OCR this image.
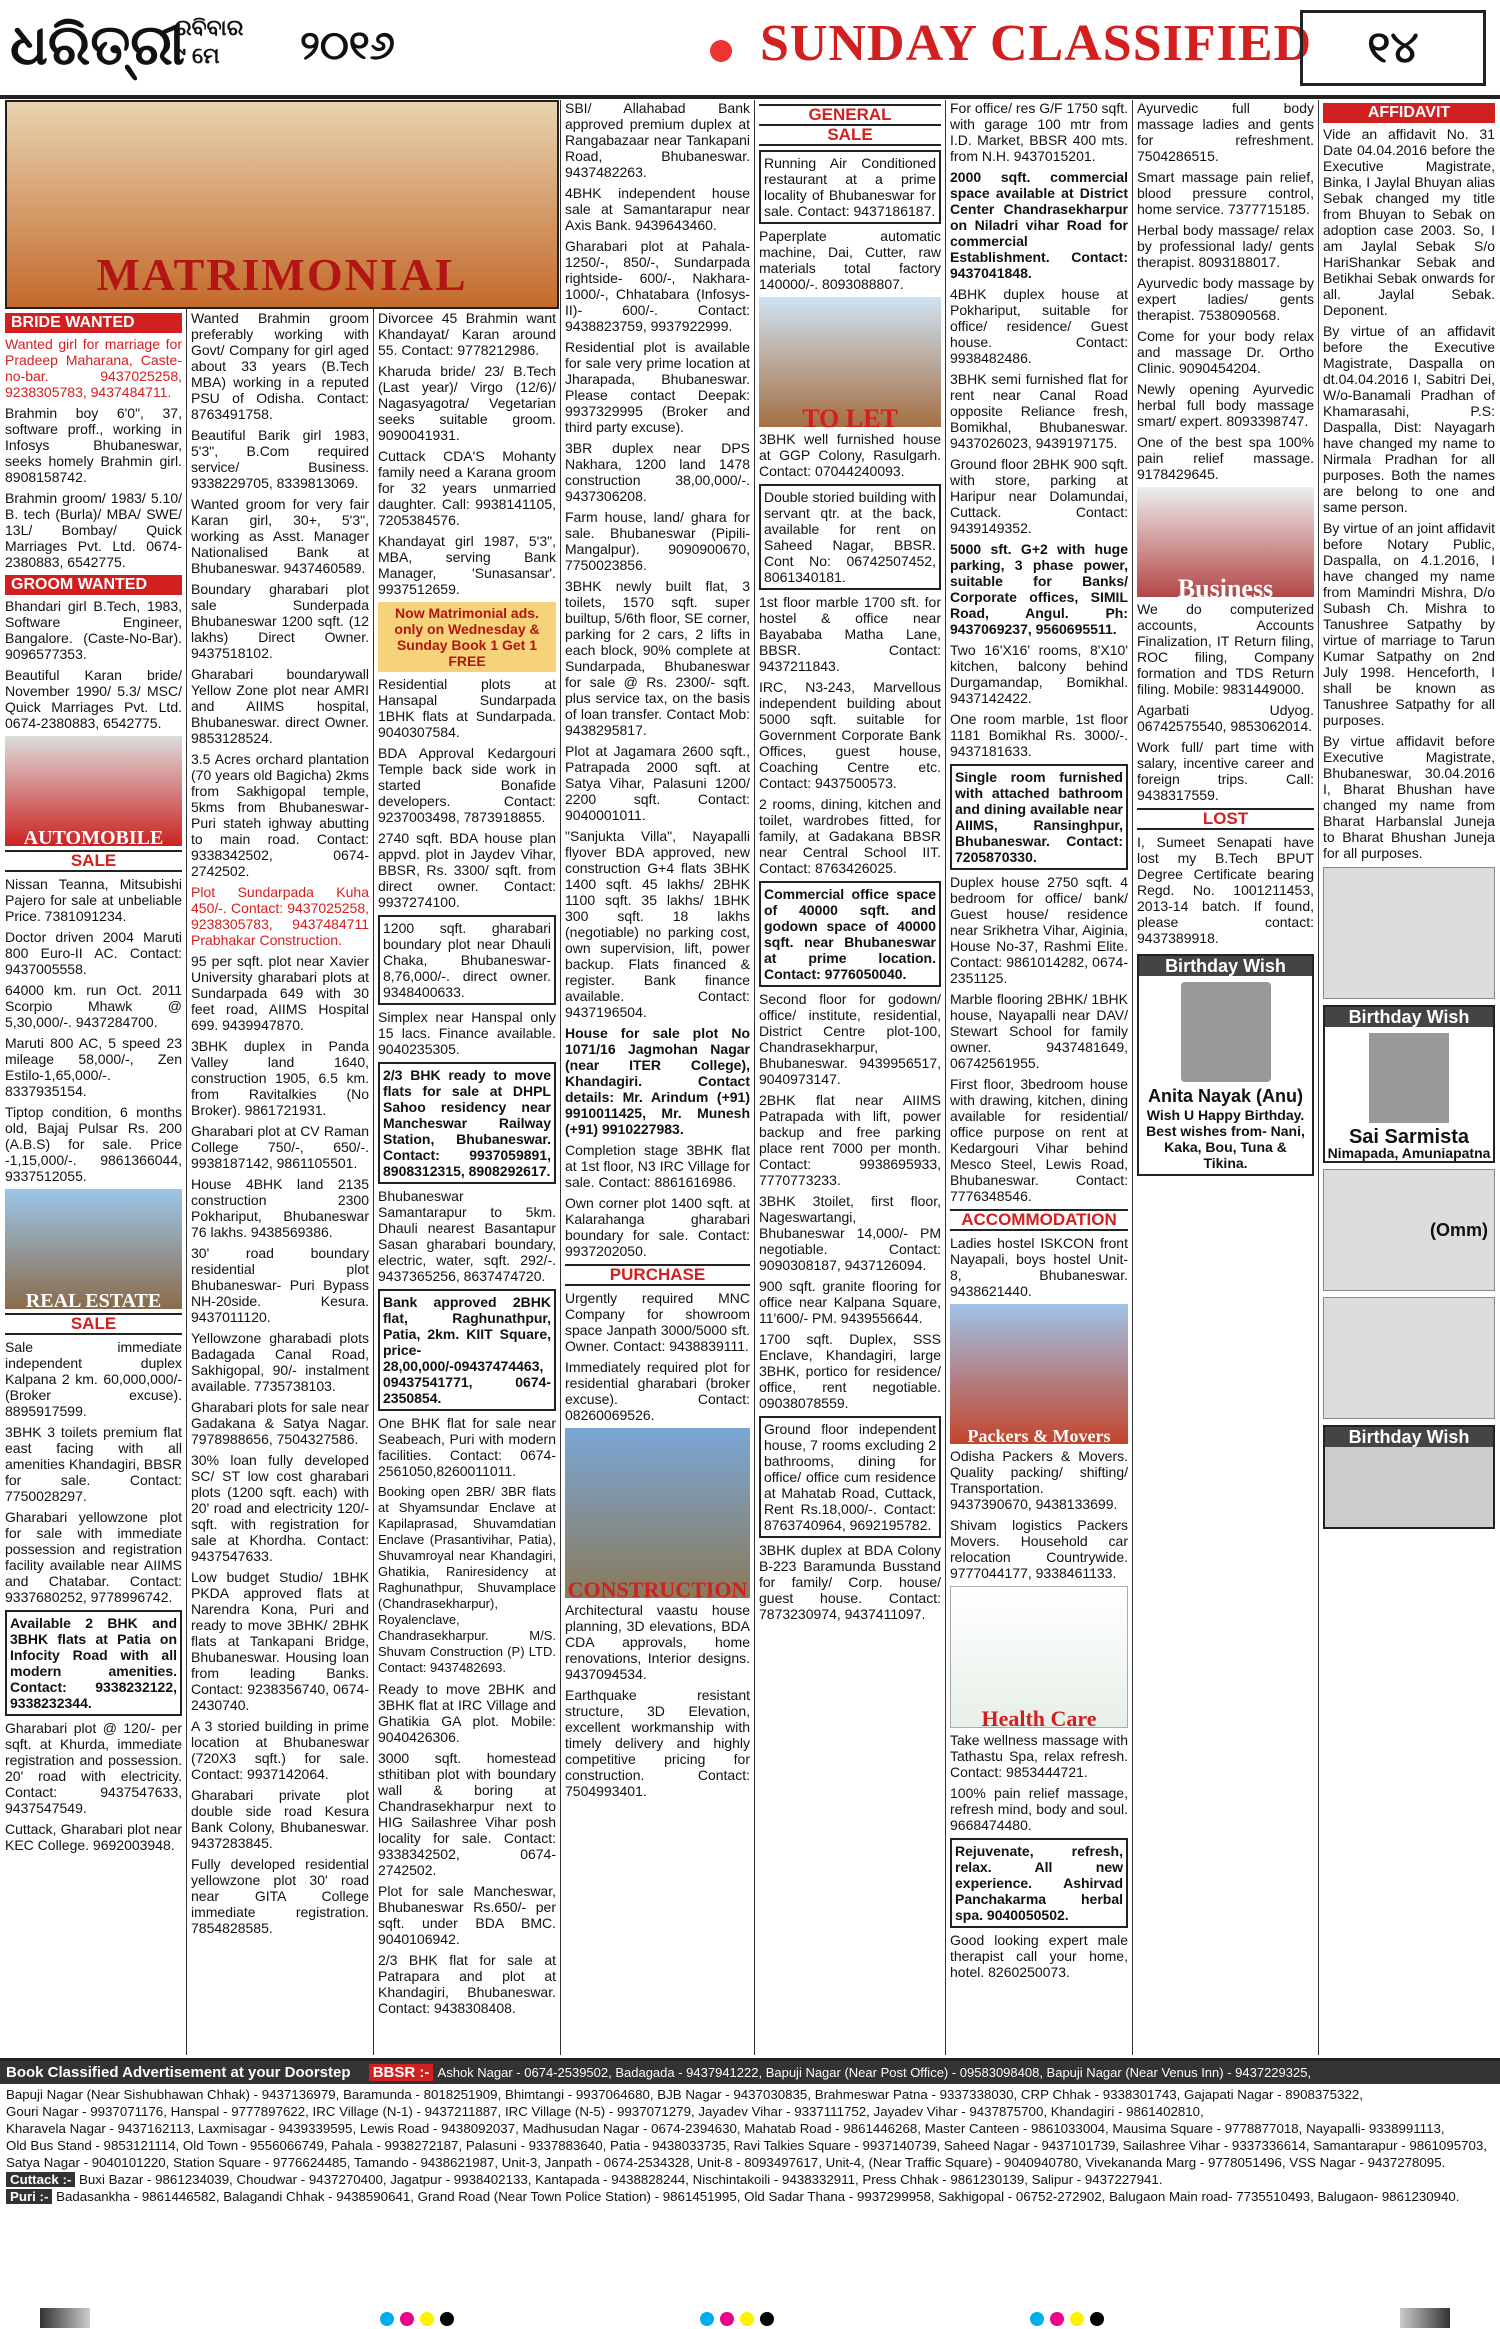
ଧରିତ୍ରୀ
ରବିବାର
୯ ମେ	୨୦୧୬	SUNDAY CLASSIFIED	୧୪
MATRIMONIAL
BRIDE WANTED

Wanted girl for marriage for Pradeep Maharana, Caste-no-bar. 9437025258, 9238305783, 9437484711.

Brahmin boy 6'0", 37, software proff., working in Infosys Bhubaneswar, seeks homely Brahmin girl. 8908158742.

Brahmin groom/ 1983/ 5.10/ B. tech (Burla)/ MBA/ SWE/ 13L/ Bombay/ Quick Marriages Pvt. Ltd. 0674-2380883, 6542775.

GROOM WANTED

Bhandari girl B.Tech, 1983, Software Engineer, Bangalore. (Caste-No-Bar). 9096577353.

Beautiful Karan bride/ November 1990/ 5.3/ MSC/ Quick Marriages Pvt. Ltd. 0674-2380883, 6542775.

AUTOMOBILE
SALE

Nissan Teanna, Mitsubishi Pajero for sale at unbeliable Price. 7381091234.

Doctor driven 2004 Maruti 800 Euro-II AC. Contact: 9437005558.

64000 km. run Oct. 2011 Scorpio Mhawk @ 5,30,000/-. 9437284700.

Maruti 800 AC, 5 speed 23 mileage 58,000/-, Zen Estilo-1,65,000/-. 8337935154.

Tiptop condition, 6 months old, Bajaj Pulsar Rs. 200 (A.B.S) for sale. Price -1,15,000/-. 9861366044, 9337512055.

REAL ESTATE
SALE

Sale immediate independent duplex Kalpana 2 km. 60,000,000/- (Broker excuse). 8895917599.

3BHK 3 toilets premium flat east facing with all amenities Khandagiri, BBSR for sale. Contact: 7750028297.

Gharabari yellowzone plot for sale with immediate possession and registration facility available near AIIMS and Chatabar. Contact: 9337680252, 9778996742.

Available 2 BHK and 3BHK flats at Patia on Infocity Road with all modern amenities. Contact: 9338232122, 9338232344.

Gharabari plot @ 120/- per sqft. at Khurda, immediate registration and possession. 20' road with electricity. Contact: 9437547633, 9437547549.

Cuttack, Gharabari plot near KEC College. 9692003948.

Wanted Brahmin groom preferably working with Govt/ Company for girl aged about 33 years (B.Tech MBA) working in a reputed PSU of Odisha. Contact: 8763491758.

Beautiful Barik girl 1983, 5'3", B.Com required service/ Business. 9338229705, 8339813069.

Wanted groom for very fair Karan girl, 30+, 5'3", working as Asst. Manager Nationalised Bank at Bhubaneswar. 9437460589.

Boundary gharabari plot sale Sunderpada Bhubaneswar 1200 sqft. (12 lakhs) Direct Owner. 9437518102.

Gharabari boundarywall Yellow Zone plot near AMRI and AIIMS hospital, Bhubaneswar. direct Owner. 9853128524.

3.5 Acres orchard plantation (70 years old Bagicha) 2kms from Sakhigopal temple, 5kms from Bhubaneswar-Puri stateh ighway abutting to main road. Contact: 9338342502, 0674-2742502.

Plot Sundarpada Kuha 450/-. Contact: 9437025258, 9238305783, 9437484711 Prabhakar Construction.

95 per sqft. plot near Xavier University gharabari plots at Sundarpada 649 with 30 feet road, AIIMS Hospital 699. 9439947870.

3BHK duplex in Panda Valley land 1640, construction 1905, 6.5 km. from Ravitalkies (No Broker). 9861721931.

Gharabari plot at CV Raman College 750/-, 650/-. 9938187142, 9861105501.

House 4BHK land 2135 construction 2300 Pokhariput, Bhubaneswar 76 lakhs. 9438569386.

30' road boundary residential plot Bhubaneswar- Puri Bypass NH-20side. Kesura. 9437011120.

Yellowzone gharabadi plots Badagada Canal Road, Sakhigopal, 90/- instalment available. 7735738103.

Gharabari plots for sale near Gadakana & Satya Nagar. 7978988656, 7504327586.

30% loan fully developed SC/ ST low cost gharabari plots (1200 sqft. each) with 20' road and electricity 120/- sqft. with registration for sale at Khordha. Contact: 9437547633.

Low budget Studio/ 1BHK PKDA approved flats at Narendra Kona, Puri and ready to move 3BHK/ 2BHK flats at Tankapani Bridge, Bhubaneswar. Housing loan from leading Banks. Contact: 9238356740, 0674- 2430740.

A 3 storied building in prime location at Bhubaneswar (720X3 sqft.) for sale. Contact: 9937142064.

Gharabari private plot double side road Kesura Bank Colony, Bhubaneswar. 9437283845.

Fully developed residential yellowzone plot 30' road near GITA College immediate registration. 7854828585.

Divorcee 45 Brahmin want Khandayat/ Karan around 55. Contact: 9778212986.

Kharuda bride/ 23/ B.Tech (Last year)/ Virgo (12/6)/ Nagasyagotra/ Vegetarian seeks suitable groom. 9090041931.

Cuttack CDA'S Mohanty family need a Karana groom for 32 years unmarried daughter. Call: 9938141105, 7205384576.

Khandayat girl 1987, 5'3", MBA, serving Bank Manager, 'Sunasansar'. 9937512659.

Now Matrimonial ads. only on Wednesday & Sunday Book 1 Get 1 FREE

Residential plots at Hansapal Sundarpada 1BHK flats at Sundarpada. 9040307584.

BDA Approval Kedargouri Temple back side work in started Bonafide developers. Contact: 9237003498, 7873918855.

2740 sqft. BDA house plan appvd. plot in Jaydev Vihar, BBSR, Rs. 3300/ sqft. from direct owner. Contact: 9937274100.

1200 sqft. gharabari boundary plot near Dhauli Chaka, Bhubaneswar-8,76,000/-. direct owner. 9348400633.

Simplex near Hanspal only 15 lacs. Finance available. 9040235305.

2/3 BHK ready to move flats for sale at DHPL Sahoo residency near Mancheswar Railway Station, Bhubaneswar. Contact: 9937059891, 8908312315, 8908292617.

Bhubaneswar Samantarapur to 5km. Dhauli nearest Basantapur Sasan gharabari boundary, electric, water, sqft. 292/-. 9437365256, 8637474720.

Bank approved 2BHK flat, Raghunathpur, Patia, 2km. KIIT Square, price-28,00,000/-09437474463, 09437541771, 0674-2350854.

One BHK flat for sale near Seabeach, Puri with modern facilities. Contact: 0674-2561050,8260011011.

Booking open 2BR/ 3BR flats at Shyamsundar Enclave at Kapilaprasad, Shuvamdatian Enclave (Prasantivihar, Patia), Shuvamroyal near Khandagiri, Ghatikia, Raniresidency at Raghunathpur, Shuvamplace (Chandrasekharpur), Royalenclave, Chandrasekharpur. M/S. Shuvam Construction (P) LTD. Contact: 9437482693.

Ready to move 2BHK and 3BHK flat at IRC Village and Ghatikia GA plot. Mobile: 9040426306.

3000 sqft. homestead sthitiban plot with boundary wall & boring at Chandrasekharpur next to HIG Sailashree Vihar posh locality for sale. Contact: 9338342502, 0674-2742502.

Plot for sale Mancheswar, Bhubaneswar Rs.650/- per sqft. under BDA BMC. 9040106942.

2/3 BHK flat for sale at Patrapara and plot at Khandagiri, Bhubaneswar. Contact: 9438308408.

SBI/ Allahabad Bank approved premium duplex at Rangabazaar near Tankapani Road, Bhubaneswar. 9437482263.

4BHK independent house sale at Samantarapur near Axis Bank. 9439643460.

Gharabari plot at Pahala-1250/-, 850/-, Sundarpada rightside- 600/-, Nakhara-1000/-, Chhatabara (Infosys-II)- 600/-. Contact: 9438823759, 9937922999.

Residential plot is available for sale very prime location at Jharapada, Bhubaneswar. Please contact Deepak: 9937329995 (Broker and third party excuse).

3BR duplex near DPS Nakhara, 1200 land 1478 construction 38,00,000/-. 9437306208.

Farm house, land/ ghara for sale. Bhubaneswar (Pipili-Mangalpur). 9090900670, 7750023856.

3BHK newly built flat, 3 toilets, 1570 sqft. super builtup, 5/6th floor, SE corner, parking for 2 cars, 2 lifts in each block, 90% complete at Sundarpada, Bhubaneswar for sale @ Rs. 2300/- sqft. plus service tax, on the basis of loan transfer. Contact Mob: 9438295817.

Plot at Jagamara 2600 sqft., Patrapada 2000 sqft. at Satya Vihar, Palasuni 1200/ 2200 sqft. Contact: 9040001011.

"Sanjukta Villa", Nayapalli flyover BDA approved, new construction G+4 flats 3BHK 1400 sqft. 45 lakhs/ 2BHK 1100 sqft. 35 lakhs/ 1BHK 300 sqft. 18 lakhs (negotiable) no parking cost, own supervision, lift, power backup. Flats financed & register. Bank finance available. Contact: 9437196504.

House for sale plot No 1071/16 Jagmohan Nagar (near ITER College), Khandagiri. Contact details: Mr. Arindum (+91) 9910011425, Mr. Munesh (+91) 9910227983.

Completion stage 3BHK flat at 1st floor, N3 IRC Village for sale. Contact: 8861616986.

Own corner plot 1400 sqft. at Kalarahanga gharabari boundary for sale. Contact: 9937202050.

PURCHASE

Urgently required MNC Company for showroom space Janpath 3000/5000 sft. Owner. Contact: 9438839111.

Immediately required plot for residential gharabari (broker excuse). Contact: 08260069526.

CONSTRUCTION

Architectural vaastu house planning, 3D elevations, BDA CDA approvals, home renovations, Interior designs. 9437094534.

Earthquake resistant structure, 3D Elevation, excellent workmanship with timely delivery and highly competitive pricing for construction. Contact: 7504993401.

GENERAL
SALE
Running Air Conditioned restaurant at a prime locality of Bhubaneswar for sale. Contact: 9437186187.

Paperplate automatic machine, Dai, Cutter, raw materials total factory 140000/-. 8093088807.

TO LET

3BHK well furnished house at GGP Colony, Rasulgarh. Contact: 07044240093.

Double storied building with servant qtr. at the back, available for rent on Saheed Nagar, BBSR. Cont No: 06742507452, 8061340181.

1st floor marble 1700 sft. for hostel & office near Bayababa Matha Lane, BBSR. Contact: 9437211843.

IRC, N3-243, Marvellous independent building about 5000 sqft. suitable for Government Corporate Bank Offices, guest house, Coaching Centre etc. Contact: 9437500573.

2 rooms, dining, kitchen and toilet, wardrobes fitted, for family, at Gadakana BBSR near Central School IIT. Contact: 8763426025.

Commercial office space of 40000 sqft. and godown space of 40000 sqft. near Bhubaneswar at prime location. Contact: 9776050040.

Second floor for godown/ office/ institute, residential, District Centre plot-100, Chandrasekharpur, Bhubaneswar. 9439956517, 9040973147.

2BHK flat near AIIMS Patrapada with lift, power backup and free parking place rent 7000 per month. Contact: 9938695933, 7770773233.

3BHK 3toilet, first floor, Nageswartangi, Bhubaneswar 14,000/- PM negotiable. Contact: 9090308187, 9437126094.

900 sqft. granite flooring for office near Kalpana Square, 11'600/- PM. 9439556644.

1700 sqft. Duplex, SSS Enclave, Khandagiri, large 3BHK, portico for residence/ office, rent negotiable. 09038078559.

Ground floor independent house, 7 rooms excluding 2 bathrooms, dining for office/ office cum residence at Mahatab Road, Cuttack, Rent Rs.18,000/-. Contact: 8763740964, 9692195782.

3BHK duplex at BDA Colony B-223 Baramunda Busstand for family/ Corp. house/ guest house. Contact: 7873230974, 9437411097.

For office/ res G/F 1750 sqft. with garage 100 mtr from I.D. Market, BBSR 400 mts. from N.H. 9437015201.

2000 sqft. commercial space available at District Center Chandrasekharpur on Niladri vihar Road for commercial Establishment. Contact: 9437041848.

4BHK duplex house at Pokhariput, suitable for office/ residence/ Guest house. Contact: 9938482486.

3BHK semi furnished flat for rent near Canal Road opposite Reliance fresh, Bomikhal, Bhubaneswar. 9437026023, 9439197175.

Ground floor 2BHK 900 sqft. with store, parking at Haripur near Dolamundai, Cuttack. Contact: 9439149352.

5000 sft. G+2 with huge parking, 3 phase power, suitable for Banks/ Corporate offices, SIMIL Road, Angul. Ph: 9437069237, 9560695511.

Two 16'X16' rooms, 8'X10' kitchen, balcony behind Durgamandap, Bomikhal. 9437142422.

One room marble, 1st floor 1181 Bomikhal Rs. 3000/-. 9437181633.

Single room furnished with attached bathroom and dining available near AIIMS, Ransinghpur, Bhubaneswar. Contact: 7205870330.

Duplex house 2750 sqft. 4 bedroom for office/ bank/ Guest house/ residence near Srikhetra Vihar, Aiginia, House No-37, Rashmi Elite. Contact: 9861014282, 0674-2351125.

Marble flooring 2BHK/ 1BHK house, Nayapalli near DAV/ Stewart School for family owner. 9437481649, 06742561955.

First floor, 3bedroom house with drawing, kitchen, dining available for residential/ office purpose on rent at Kedargouri Vihar behind Mesco Steel, Lewis Road, Bhubaneswar. Contact: 7776348546.

ACCOMMODATION

Ladies hostel ISKCON front Nayapali, boys hostel Unit-8, Bhubaneswar. 9438621440.

Packers & Movers

Odisha Packers & Movers. Quality packing/ shifting/ Transportation. 9437390670, 9438133699.

Shivam logistics Packers Movers. Household car relocation Countrywide. 9777044177, 9338461133.

Health Care

Take wellness massage with Tathastu Spa, relax refresh. Contact: 9853444721.

100% pain relief massage, refresh mind, body and soul. 9668474480.

Rejuvenate, refresh, relax. All new experience. Ashirvad Panchakarma herbal spa. 9040050502.

Good looking expert male therapist call your home, hotel. 8260250073.

Ayurvedic full body massage ladies and gents for refreshment. 7504286515.

Smart massage pain relief, blood pressure control, home service. 7377715185.

Herbal body massage/ relax by professional lady/ gents therapist. 8093188017.

Ayurvedic body massage by expert ladies/ gents therapist. 7538090568.

Come for your body relax and massage Dr. Ortho Clinic. 9090454204.

Newly opening Ayurvedic herbal full body massage smart/ expert. 8093398747.

One of the best spa 100% pain relief massage. 9178429645.

Business

We do computerized accounts, Accounts Finalization, IT Return filing, ROC filing, Company formation and TDS Return filing. Mobile: 9831449000.

Agarbati Udyog. 06742575540, 9853062014.

Work full/ part time with salary, incentive career and foreign trips. Call: 9438317559.

LOST

I, Sumeet Senapati have lost my B.Tech BPUT Degree Certificate bearing Regd. No. 1001211453, 2013-14 batch. If found, please contact: 9437389918.

Birthday Wish
Anita Nayak (Anu)
Wish U Happy Birthday. Best wishes from- Nani, Kaka, Bou, Tuna & Tikina.
AFFIDAVIT

Vide an affidavit No. 31 Date 04.04.2016 before the Executive Magistrate, Binka, I Jaylal Bhuyan alias Sebak changed my title from Bhuyan to Sebak on adoption case 2003. So, I am Jaylal Sebak S/o HariShankar Sebak and Betikhai Sebak onwards for all. Jaylal Sebak. Deponent.

By virtue of an affidavit before the Executive Magistrate, Daspalla on dt.04.04.2016 I, Sabitri Dei, W/o-Banamali Pradhan of Khamarasahi, P.S: Daspalla, Dist: Nayagarh have changed my name to Nirmala Pradhan for all purposes. Both the names are belong to one and same person.

By virtue of an joint affidavit before Notary Public, Daspalla, on 4.1.2016, I have changed my name from Mamindri Mishra, D/o Subash Ch. Mishra to Tanushree Satpathy by virtue of marriage to Tarun Kumar Satpathy on 2nd July 1998. Henceforth, I shall be known as Tanushree Satpathy for all purposes.

By virtue affidavit before Executive Magistrate, Bhubaneswar, 30.04.2016 I, Bharat Bhushan have changed my name from Bharat Harbanslal Juneja to Bharat Bhushan Juneja for all purposes.

Birthday Wish
Sai Sarmista
Nimapada, Amuniapatna
(Omm)
Birthday Wish
Book Classified Advertisement at your Doorstep BBSR :- Ashok Nagar - 0674-2539502, Badagada - 9437941222, Bapuji Nagar (Near Post Office) - 09583098408, Bapuji Nagar (Near Venus Inn) - 9437229325,
Bapuji Nagar (Near Sishubhawan Chhak) - 9437136979, Baramunda - 8018251909, Bhimtangi - 9937064680, BJB Nagar - 9437030835, Brahmeswar Patna - 9337338030, CRP Chhak - 9338301743, Gajapati Nagar - 8908375322,
Gouri Nagar - 9937071176, Hanspal - 9777897622, IRC Village (N-1) - 9437211887, IRC Village (N-5) - 9937071279, Jayadev Vihar - 9337111752, Jayadev Vihar - 9437875700, Khandagiri - 9861402810,
Kharavela Nagar - 9437162113, Laxmisagar - 9439339595, Lewis Road - 9438092037, Madhusudan Nagar - 0674-2394630, Mahatab Road - 9861446268, Master Canteen - 9861033004, Mausima Square - 9778877018, Nayapalli- 9338991113,
Old Bus Stand - 9853121114, Old Town - 9556066749, Pahala - 9938272187, Palasuni - 9337883640, Patia - 9438033735, Ravi Talkies Square - 9937140739, Saheed Nagar - 9437101739, Sailashree Vihar - 9337336614, Samantarapur - 9861095703,
Satya Nagar - 9040101220, Station Square - 9776624485, Tamando - 9438621987, Unit-3, Janpath - 0674-2534328, Unit-8 - 8093497617, Unit-4, (Near Traffic Square) - 9040940780, Vivekananda Marg - 9778051496, VSS Nagar - 9437278095.
Cuttack :- Buxi Bazar - 9861234039, Choudwar - 9437270400, Jagatpur - 9938402133, Kantapada - 9438828244, Nischintakoili - 9438332911, Press Chhak - 9861230139, Salipur - 9437227941.
Puri :- Badasankha - 9861446582, Balagandi Chhak - 9438590641, Grand Road (Near Town Police Station) - 9861451995, Old Sadar Thana - 9937299958, Sakhigopal - 06752-272902, Balugaon Main road- 7735510493, Balugaon- 9861230940.
